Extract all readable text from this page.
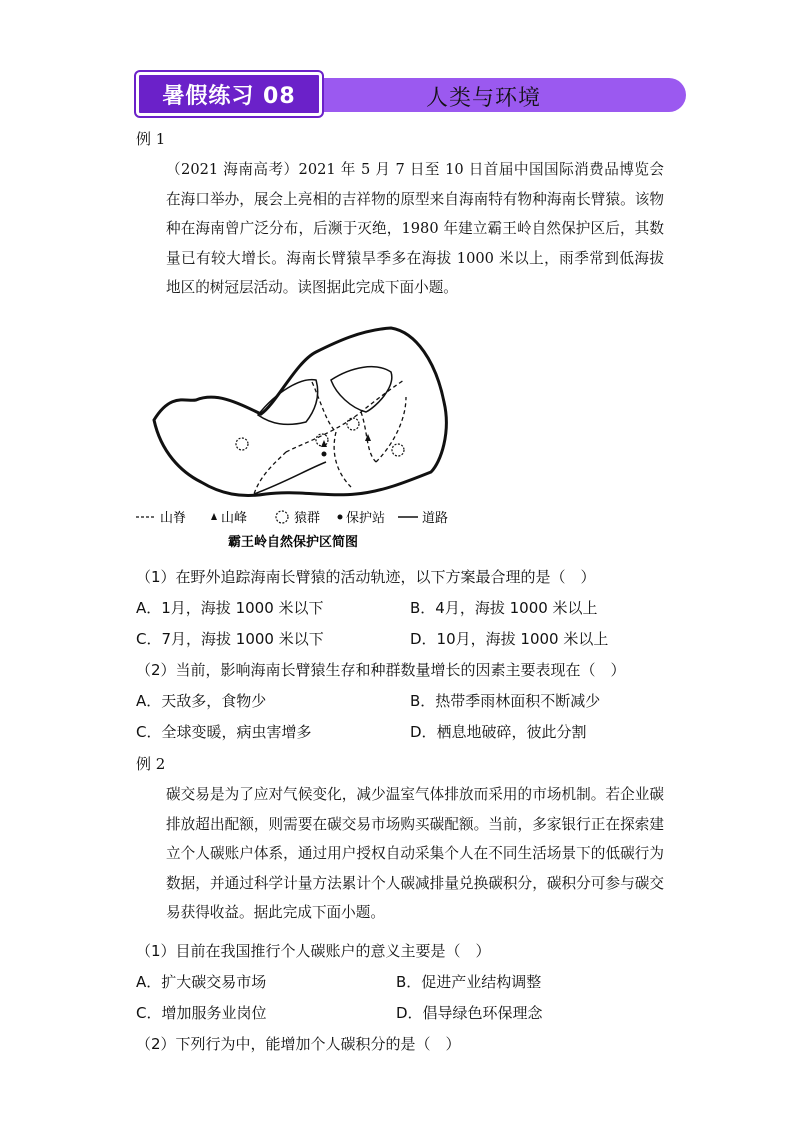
暑假练习 08	人类与环境
例 1
（2021 海南高考）2021 年 5 月 7 日至 10 日首届中国国际消费品博览会在海口举办，展会上亮相的吉祥物的原型来自海南特有物种海南长臂猿。该物种在海南曾广泛分布，后濒于灭绝，1980 年建立霸王岭自然保护区后，其数量已有较大增长。海南长臂猿旱季多在海拔 1000 米以上，雨季常到低海拔地区的树冠层活动。读图据此完成下面小题。
山脊	山峰	猿群 保护站	道路
霸王岭自然保护区简图
（1）在野外追踪海南长臂猿的活动轨迹，以下方案最合理的是（　）
A．1月，海拔 1000 米以下	B．4月，海拔 1000 米以上
C．7月，海拔 1000 米以下	D．10月，海拔 1000 米以上
（2）当前，影响海南长臂猿生存和种群数量增长的因素主要表现在（　）
A．天敌多，食物少	B．热带季雨林面积不断减少
C．全球变暖，病虫害增多	D．栖息地破碎，彼此分割
例 2
碳交易是为了应对气候变化，减少温室气体排放而采用的市场机制。若企业碳排放超出配额，则需要在碳交易市场购买碳配额。当前，多家银行正在探索建立个人碳账户体系，通过用户授权自动采集个人在不同生活场景下的低碳行为数据，并通过科学计量方法累计个人碳减排量兑换碳积分，碳积分可参与碳交易获得收益。据此完成下面小题。
（1）目前在我国推行个人碳账户的意义主要是（　）
A．扩大碳交易市场	B．促进产业结构调整
C．增加服务业岗位	D．倡导绿色环保理念
（2）下列行为中，能增加个人碳积分的是（　）
